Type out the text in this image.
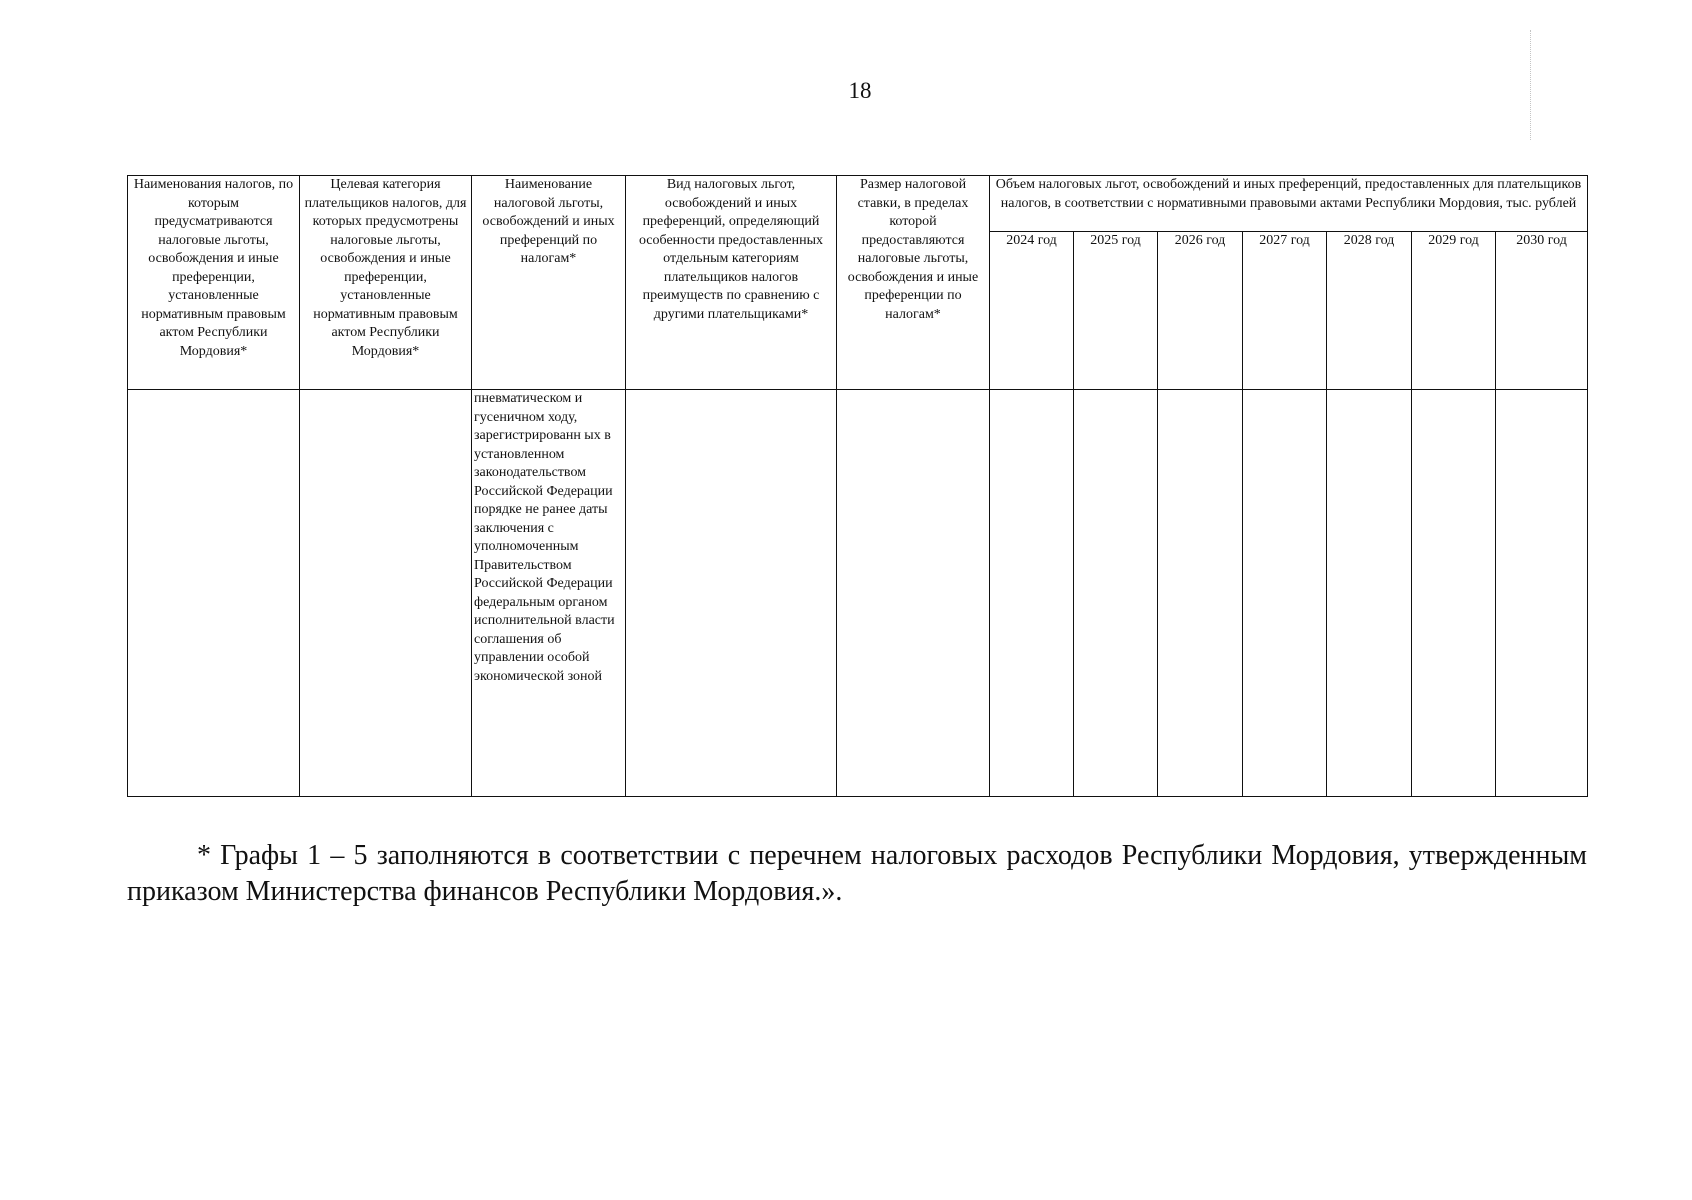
18
Наименования налогов, по которым предусматриваются налоговые льготы, освобождения и иные преференции, установленные нормативным правовым актом Республики Мордовия*	Целевая категория плательщиков налогов, для которых предусмотрены налоговые льготы, освобождения и иные преференции, установленные нормативным правовым актом Республики Мордовия*	Наименование налоговой льготы, освобождений и иных преференций по налогам*	Вид налоговых льгот, освобождений и иных преференций, определяющий особенности предоставленных отдельным категориям плательщиков налогов преимуществ по сравнению с другими плательщиками*	Размер налоговой ставки, в пределах которой предоставляются налоговые льготы, освобождения и иные преференции по налогам*	Объем налоговых льгот, освобождений и иных преференций, предоставленных для плательщиков налогов, в соответствии с нормативными правовыми актами Республики Мордовия, тыс. рублей						
					2024 год	2025 год	2026 год	2027 год	2028 год	2029 год	2030 год
		пневматическом и гусеничном ходу, зарегистрированн ых в установленном законодательством Российской Федерации порядке не ранее даты заключения с уполномоченным Правительством Российской Федерации федеральным органом исполнительной власти соглашения об управлении особой экономической зоной									

* Графы 1 – 5 заполняются в соответствии с перечнем налоговых расходов Республики Мордовия, утвержденным приказом Министерства финансов Республики Мордовия.».
